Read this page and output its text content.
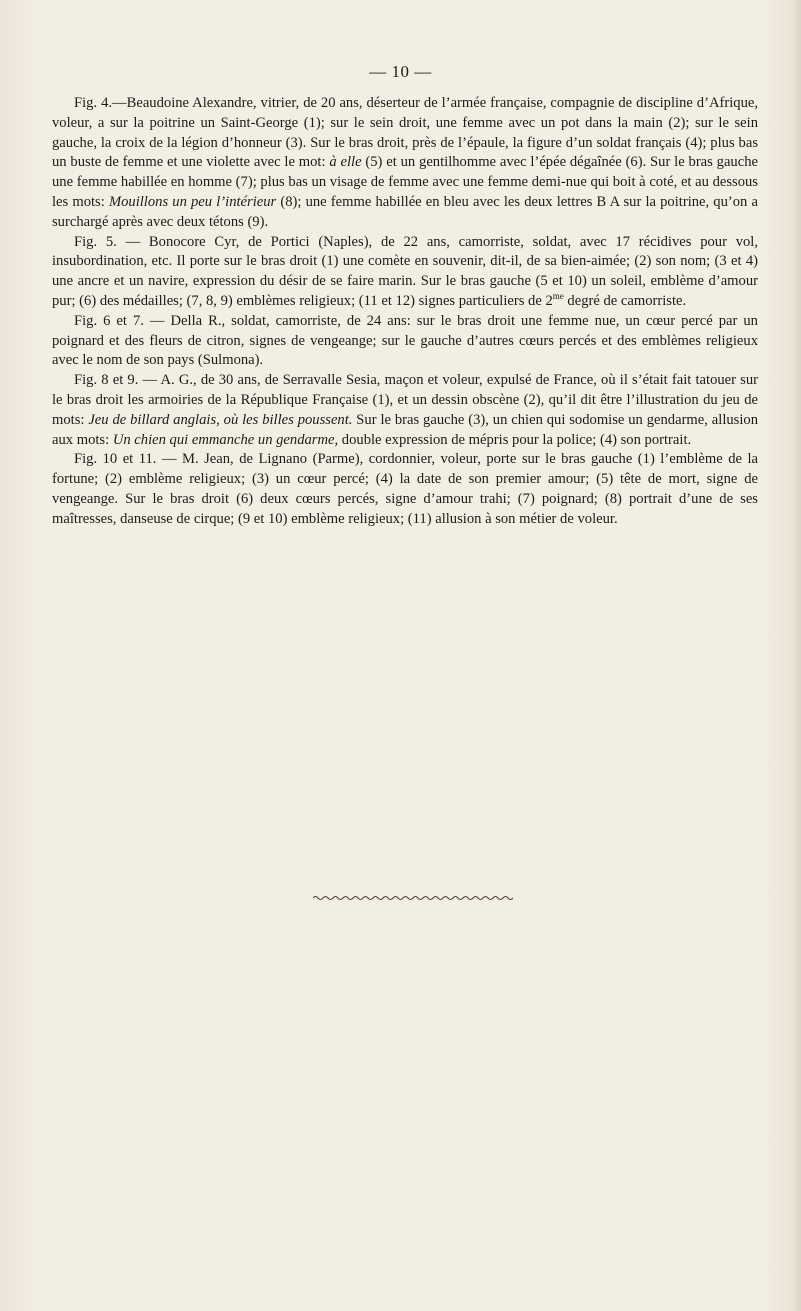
— 10 —

Fig. 4.—Beaudoine Alexandre, vitrier, de 20 ans, déserteur de l’armée française, compagnie de discipline d’Afrique, voleur, a sur la poitrine un Saint-George (1); sur le sein droit, une femme avec un pot dans la main (2); sur le sein gauche, la croix de la légion d’honneur (3). Sur le bras droit, près de l’épaule, la figure d’un soldat français (4); plus bas un buste de femme et une violette avec le mot: à elle (5) et un gentilhomme avec l’épée dégaînée (6). Sur le bras gauche une femme habillée en homme (7); plus bas un visage de femme avec une femme demi-nue qui boit à coté, et au dessous les mots: Mouillons un peu l’intérieur (8); une femme habillée en bleu avec les deux lettres B A sur la poitrine, qu’on a surchargé après avec deux tétons (9).

Fig. 5. — Bonocore Cyr, de Portici (Naples), de 22 ans, camorriste, soldat, avec 17 récidives pour vol, insubordination, etc. Il porte sur le bras droit (1) une comète en souvenir, dit-il, de sa bien-aimée; (2) son nom; (3 et 4) une ancre et un navire, expression du désir de se faire marin. Sur le bras gauche (5 et 10) un soleil, emblème d’amour pur; (6) des médailles; (7, 8, 9) emblèmes religieux; (11 et 12) signes particuliers de $2^{me}$ degré de camorriste.

Fig. 6 et 7. — Della R., soldat, camorriste, de 24 ans: sur le bras droit une femme nue, un cœur percé par un poignard et des fleurs de citron, signes de vengeange; sur le gauche d’autres cœurs percés et des emblèmes religieux avec le nom de son pays (Sulmona).

Fig. 8 et 9. — A. G., de 30 ans, de Serravalle Sesia, maçon et voleur, expulsé de France, où il s’était fait tatouer sur le bras droit les armoiries de la République Française (1), et un dessin obscène (2), qu’il dit être l’illustration du jeu de mots: Jeu de billard anglais, où les billes poussent. Sur le bras gauche (3), un chien qui sodomise un gendarme, allusion aux mots: Un chien qui emmanche un gendarme, double expression de mépris pour la police; (4) son portrait.

Fig. 10 et 11. — M. Jean, de Lignano (Parme), cordonnier, voleur, porte sur le bras gauche (1) l’emblème de la fortune; (2) emblème religieux; (3) un cœur percé; (4) la date de son premier amour; (5) tête de mort, signe de vengeange. Sur le bras droit (6) deux cœurs percés, signe d’amour trahi; (7) poignard; (8) portrait d’une de ses maîtresses, danseuse de cirque; (9 et 10) emblème religieux; (11) allusion à son métier de voleur.
